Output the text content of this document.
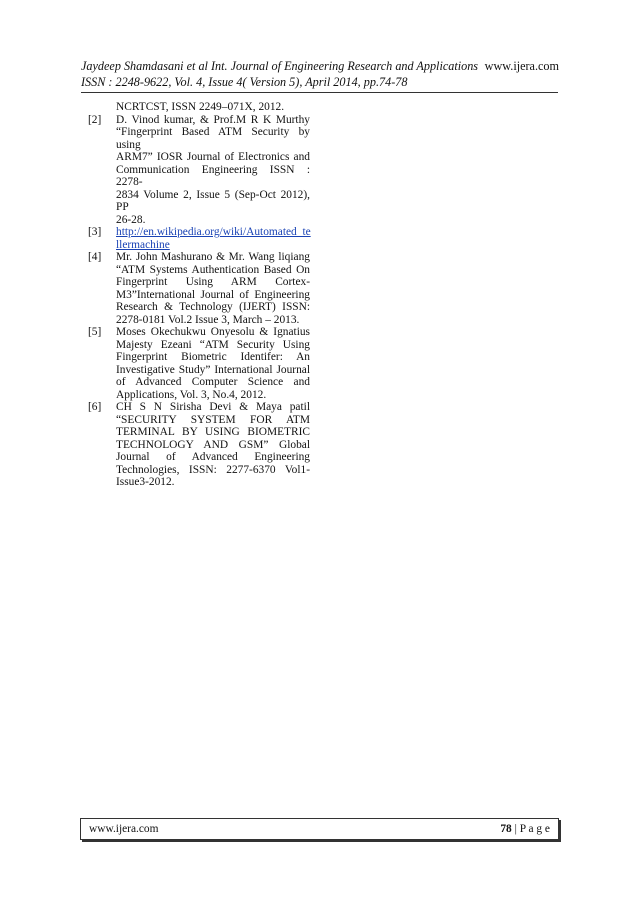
Jaydeep Shamdasani et al Int. Journal of Engineering Research and Applications www.ijera.com
ISSN : 2248-9622, Vol. 4, Issue 4( Version 5), April 2014, pp.74-78
NCRTCST, ISSN 2249–071X, 2012.
[2]	D. Vinod kumar, & Prof.M R K Murthy
“Fingerprint Based ATM Security by using
ARM7” IOSR Journal of Electronics and
Communication Engineering ISSN : 2278-
2834 Volume 2, Issue 5 (Sep-Oct 2012), PP
26-28.
[3]	http://en.wikipedia.org/wiki/Automated_te
llermachine
[4]	Mr. John Mashurano & Mr. Wang liqiang
“ATM Systems Authentication Based On
Fingerprint Using ARM Cortex-
M3”International Journal of Engineering
Research & Technology (IJERT) ISSN:
2278-0181 Vol.2 Issue 3, March – 2013.
[5]	Moses Okechukwu Onyesolu & Ignatius
Majesty Ezeani “ATM Security Using
Fingerprint Biometric Identifer: An
Investigative Study” International Journal
of Advanced Computer Science and
Applications, Vol. 3, No.4, 2012.
[6]	CH S N Sirisha Devi & Maya patil
“SECURITY SYSTEM FOR ATM
TERMINAL BY USING BIOMETRIC
TECHNOLOGY AND GSM” Global
Journal of Advanced Engineering
Technologies, ISSN: 2277-6370 Vol1-
Issue3-2012.
www.ijera.com	78 | P a g e
